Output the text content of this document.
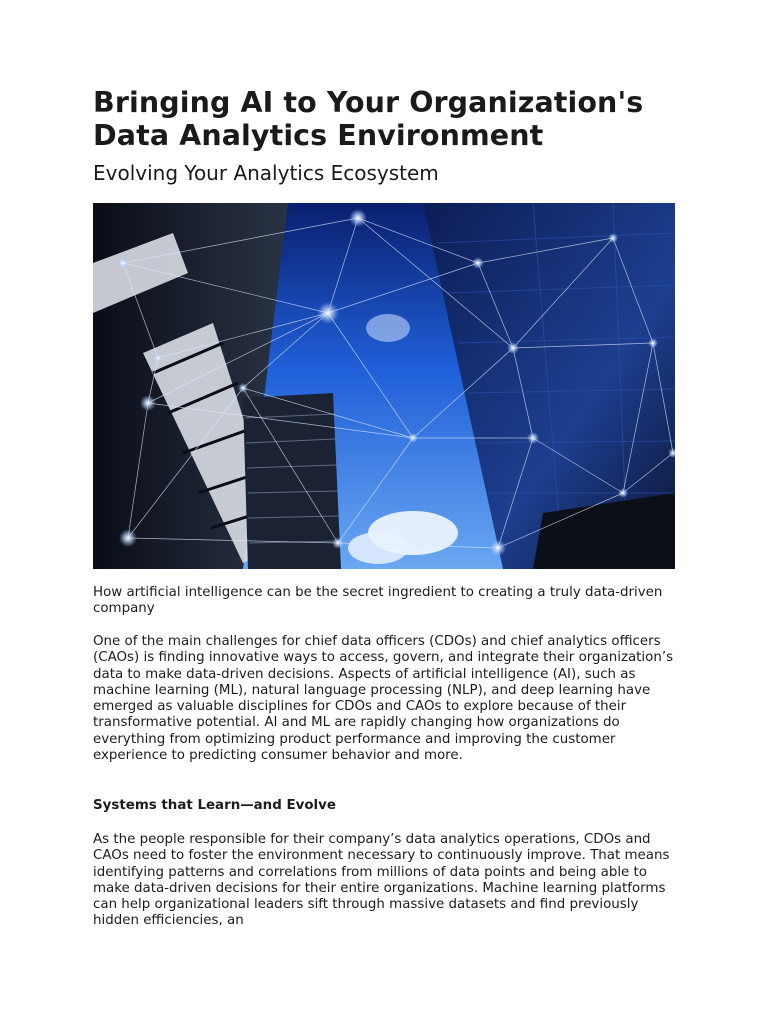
Bringing AI to Your Organization's Data Analytics Environment
Evolving Your Analytics Ecosystem

How artificial intelligence can be the secret ingredient to creating a truly data-driven company

One of the main challenges for chief data officers (CDOs) and chief analytics officers (CAOs) is finding innovative ways to access, govern, and integrate their organization’s data to make data-driven decisions. Aspects of artificial intelligence (AI), such as machine learning (ML), natural language processing (NLP), and deep learning have emerged as valuable disciplines for CDOs and CAOs to explore because of their transformative potential. AI and ML are rapidly changing how organizations do everything from optimizing product performance and improving the customer experience to predicting consumer behavior and more.

Systems that Learn—and Evolve

As the people responsible for their company’s data analytics operations, CDOs and CAOs need to foster the environment necessary to continuously improve. That means identifying patterns and correlations from millions of data points and being able to make data-driven decisions for their entire organizations. Machine learning platforms can help organizational leaders sift through massive datasets and find previously hidden efficiencies, an
